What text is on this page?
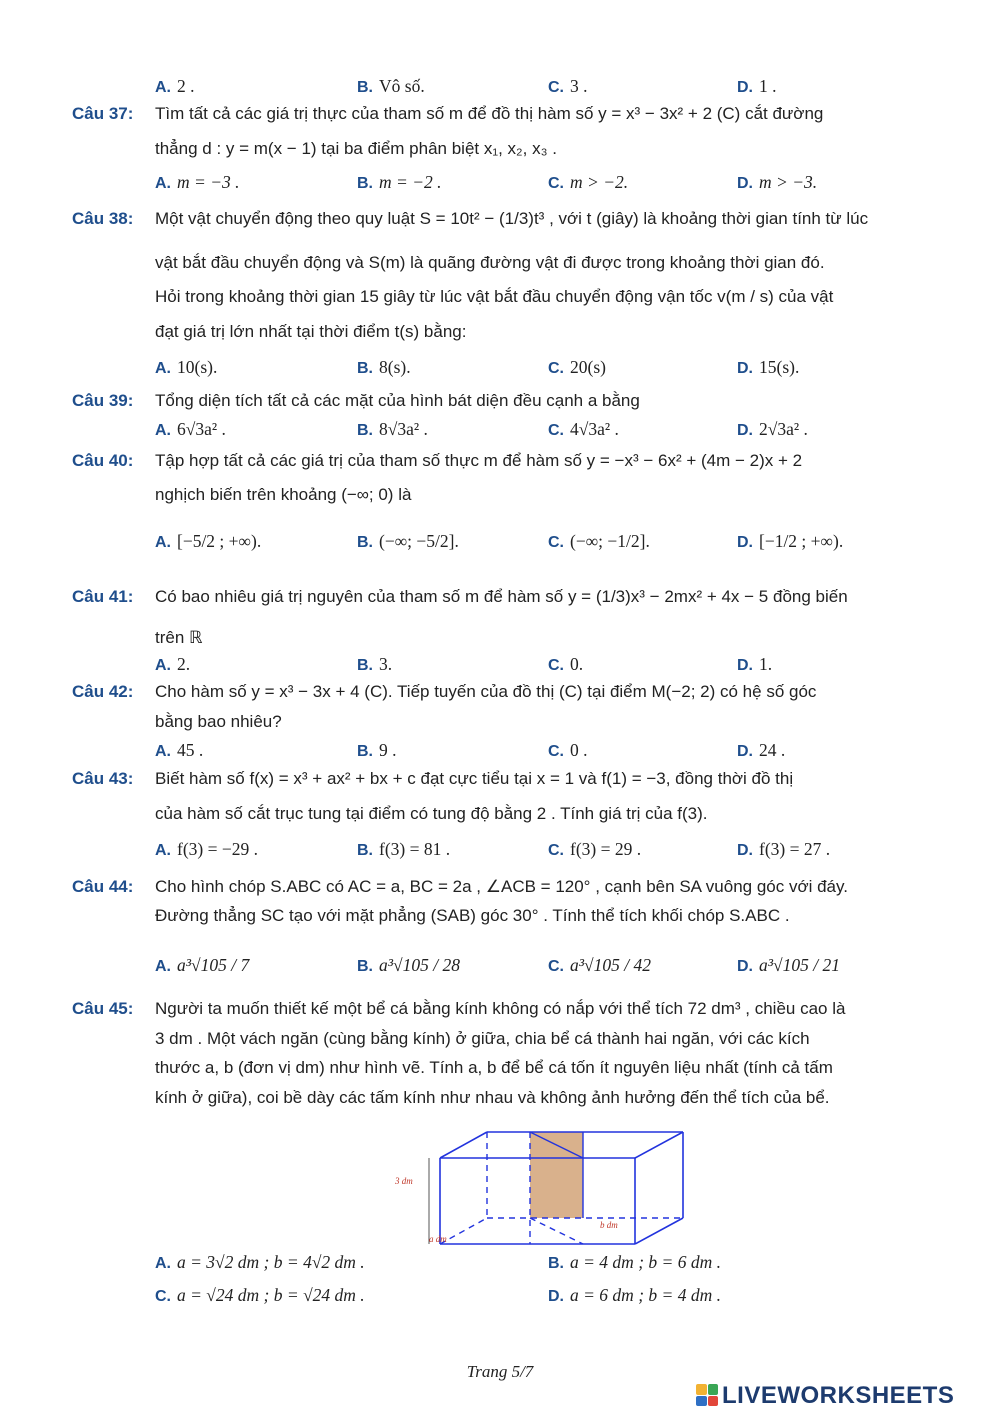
A. 2 .	B. Vô số.	C. 3 .	D. 1 .
Câu 37: Tìm tất cả các giá trị thực của tham số m để đồ thị hàm số y = x³ − 3x² + 2 (C) cắt đường
thẳng d : y = m(x − 1) tại ba điểm phân biệt x₁, x₂, x₃ .
A. m = −3 .	B. m = −2 .	C. m > −2.	D. m > −3.
Câu 38: Một vật chuyển động theo quy luật S = 10t² − (1/3)t³ , với t (giây) là khoảng thời gian tính từ lúc
vật bắt đầu chuyển động và S(m) là quãng đường vật đi được trong khoảng thời gian đó.
Hỏi trong khoảng thời gian 15 giây từ lúc vật bắt đầu chuyển động vận tốc v(m / s) của vật
đạt giá trị lớn nhất tại thời điểm t(s) bằng:
A. 10(s).	B. 8(s).	C. 20(s)	D. 15(s).
Câu 39: Tổng diện tích tất cả các mặt của hình bát diện đều cạnh a bằng
A. 6√3a² .	B. 8√3a² .	C. 4√3a² .	D. 2√3a² .
Câu 40: Tập hợp tất cả các giá trị của tham số thực m để hàm số y = −x³ − 6x² + (4m − 2)x + 2
nghịch biến trên khoảng (−∞; 0) là
A. [−5/2 ; +∞).	B. (−∞; −5/2].	C. (−∞; −1/2].	D. [−1/2 ; +∞).
Câu 41: Có bao nhiêu giá trị nguyên của tham số m để hàm số y = (1/3)x³ − 2mx² + 4x − 5 đồng biến
trên ℝ
A. 2.	B. 3.	C. 0.	D. 1.
Câu 42: Cho hàm số y = x³ − 3x + 4 (C). Tiếp tuyến của đồ thị (C) tại điểm M(−2; 2) có hệ số góc
bằng bao nhiêu?
A. 45 .	B. 9 .	C. 0 .	D. 24 .
Câu 43: Biết hàm số f(x) = x³ + ax² + bx + c đạt cực tiểu tại x = 1 và f(1) = −3, đồng thời đồ thị
của hàm số cắt trục tung tại điểm có tung độ bằng 2 . Tính giá trị của f(3).
A. f(3) = −29 .	B. f(3) = 81 .	C. f(3) = 29 .	D. f(3) = 27 .
Câu 44: Cho hình chóp S.ABC có AC = a, BC = 2a , ∠ACB = 120° , cạnh bên SA vuông góc với đáy.
Đường thẳng SC tạo với mặt phẳng (SAB) góc 30° . Tính thể tích khối chóp S.ABC .
A. a³√105 / 7	B. a³√105 / 28	C. a³√105 / 42	D. a³√105 / 21
Câu 45: Người ta muốn thiết kế một bể cá bằng kính không có nắp với thể tích 72 dm³ , chiều cao là
3 dm . Một vách ngăn (cùng bằng kính) ở giữa, chia bể cá thành hai ngăn, với các kích
thước a, b (đơn vị dm) như hình vẽ. Tính a, b để bể cá tốn ít nguyên liệu nhất (tính cả tấm
kính ở giữa), coi bề dày các tấm kính như nhau và không ảnh hưởng đến thể tích của bể.
3 dm
a dm
b dm
A. a = 3√2 dm ; b = 4√2 dm .	B. a = 4 dm ; b = 6 dm .
C. a = √24 dm ; b = √24 dm .	D. a = 6 dm ; b = 4 dm .
Trang 5/7
LIVEWORKSHEETS
